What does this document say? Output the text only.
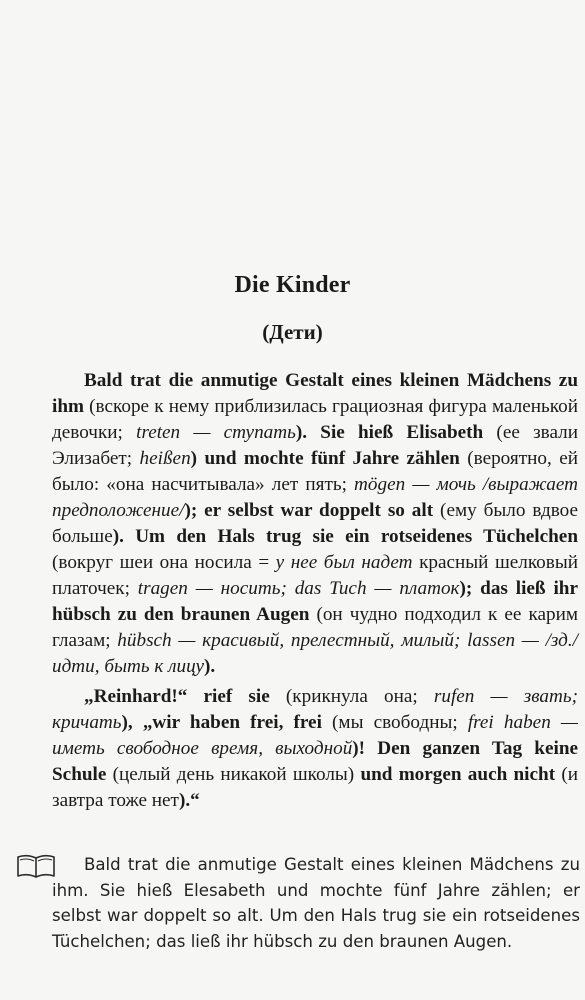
Die Kinder
(Дети)

Bald trat die anmutige Gestalt eines kleinen Mädchens zu ihm (вскоре к нему приблизилась грациозная фигура маленькой девочки; treten — ступать). Sie hieß Elisabeth (ее звали Элизабет; heißen) und mochte fünf Jahre zählen (вероятно, ей было: «она насчитывала» лет пять; mögen — мочь /выражает предположение/); er selbst war doppelt so alt (ему было вдвое больше). Um den Hals trug sie ein rotseidenes Tüchelchen (вокруг шеи она носила = у нее был надет красный шелковый платочек; tragen — носить; das Tuch — платок); das ließ ihr hübsch zu den braunen Augen (он чудно подходил к ее карим глазам; hübsch — красивый, прелестный, милый; lassen — /зд./ идти, быть к лицу).

„Reinhard!“ rief sie (крикнула она; rufen — звать; кричать), „wir haben frei, frei (мы свободны; frei haben — иметь свободное время, выходной)! Den ganzen Tag keine Schule (целый день никакой школы) und morgen auch nicht (и завтра тоже нет).“

Bald trat die anmutige Gestalt eines kleinen Mädchens zu ihm. Sie hieß Elesabeth und mochte fünf Jahre zählen; er selbst war doppelt so alt. Um den Hals trug sie ein rotseidenes Tüchelchen; das ließ ihr hübsch zu den braunen Augen.
